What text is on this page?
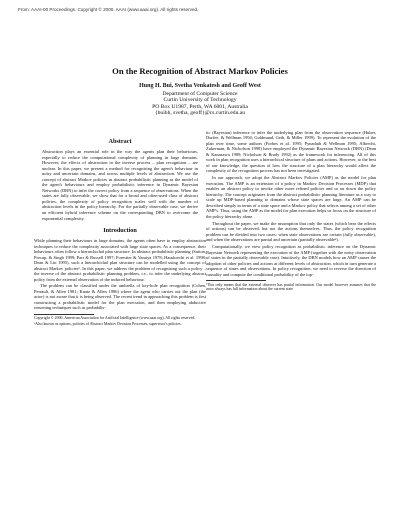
From: AAAI-00 Proceedings. Copyright © 2000, AAAI (www.aaai.org). All rights reserved.
On the Recognition of Abstract Markov Policies
Hung H. Bui, Svetha Venkatesh and Geoff West
Department of Computer Science
Curtin University of Technology
PO Box U1987, Perth, WA 6001, Australia
{buihh, svetha, geoff}@cs.curtin.edu.au
Abstract

Abstraction plays an essential role in the way the agents plan their behaviours, especially to reduce the computational complexity of planning in large domains. However, the effects of abstraction in the inverse process – plan recognition – are unclear. In this paper, we present a method for recognising the agent's behaviour in noisy and uncertain domains, and across multiple levels of abstraction. We use the concept of abstract Markov policies in abstract probabilistic planning as the model of the agent's behaviours and employ probabilistic inference in Dynamic Bayesian Networks (DBN) to infer the correct policy from a sequence of observations. When the states are fully observable, we show that for a broad and often-used class of abstract policies, the complexity of policy recognition scales well with the number of abstraction levels in the policy hierarchy. For the partially observable case, we derive an efficient hybrid inference scheme on the corresponding DBN to overcome the exponential complexity.

Introduction

While planning their behaviours in large domains, the agents often have to employ abstraction techniques to reduce the complexity associated with large state spaces. As a consequence, their behaviours often follow a hierarchichal plan structure. In abstract probabilistic planning (Sutton, Precup, & Singh 1999; Parr & Russell 1997; Forestier & Varaiya 1978; Hauskrecht et al. 1998; Dean & Lin 1995), such a hierarchichal plan structure can be modelled using the concept of abstract Markov policies¹. In this paper, we address the problem of recognising such a policy – the inverse of the abstract probabilistic planning problem, i.e., to infer the underlying abstract policy from the external observation of the induced behaviour.

The problem can be classified under the umbrella of key-hole plan recognition (Cohen, Perrault, & Allen 1981; Kautz & Allen 1986) where the agent who carries out the plan (the actor) is not aware that it is being observed. The recent trend in approaching this problem is first constructing a probabilistic model for the plan execution, and then employing abductive reasoning techniques such as probabilis-

Copyright © 2000, American Association for Artificial Intelligence (www.aaai.org). All rights reserved.

¹Also known as options, policies of Abstract Markov Decision Processes, supervisor's policies.

tic (Bayesian) inference to infer the underlying plan from the observation sequence (Huber, Durfee, & Wellman 1994; Goldmand, Geib, & Miller 1999). To represent the evolution of the plan over time, some authors (Forbes et al. 1995; Pynadath & Wellman 1995; Albrecht, Zukerman, & Nicholson 1998) have employed the Dynamic Bayesian Network (DBN) (Dean & Kanazawa 1989; Nicholson & Brady 1992) as the framework for inferencing. All of this work in plan recognition uses a hierarchical structure of plans and actions. However, to the best of our knowledge, the question of how the structure of a plan hierarchy would affect the complexity of the recognition process has not been investigated.

In our approach, we adopt the Abstract Markov Policies (AMP) as the model for plan execution. The AMP is an extension of a policy in Markov Decision Processes (MDP) that enables an abstract policy to invoke other more refined policies and so on down the policy hierarchy. The concept originates from the abstract probabilistic planning literature as a way to scale up MDP-based planning to domains whose state spaces are large. An AMP can be described simply in terms of a state space and a Markov policy that selects among a set of other AMP's. Thus, using the AMP as the model for plan execution helps us focus on the structure of the policy hierarchy alone.

Throughout the paper, we make the assumption that only the states (which bear the effects of actions) can be observed, but not the actions themselves. Thus, the policy recognition problem can be divided into two cases: when state observations are certain (fully observable), and when the observations are partial and uncertain (partially observable²).

Computationally, we view policy recognition as probabilistic inference on the Dynamic Bayesian Network representing the execution of the AMP (together with the noisy observation of states in the partially observable case). Intuitively, the DBN models how an AMP causes the adoption of other policies and actions at different levels of abstraction, which in turn generate a sequence of states and observations. In policy recognition, we need to reverse the direction of causality and compute the conditional probability of the top-

²This only means that the external observer has partial information. Our model however assumes that the actor always has full information about the current state.
